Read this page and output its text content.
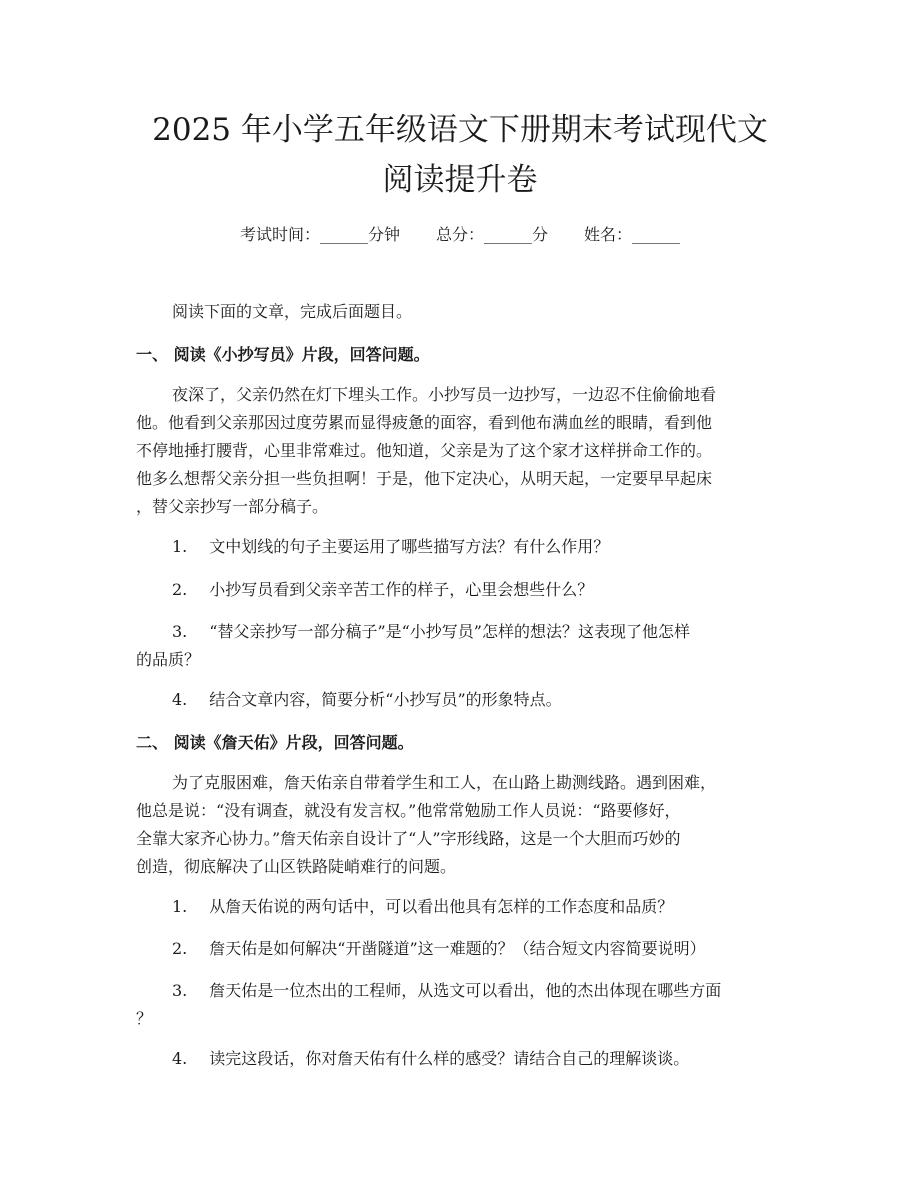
2025 年小学五年级语文下册期末考试现代文
阅读提升卷
考试时间：______分钟 总分：______分 姓名：______

阅读下面的文章，完成后面题目。

一、 阅读《小抄写员》片段，回答问题。

夜深了，父亲仍然在灯下埋头工作。小抄写员一边抄写，一边忍不住偷偷地看
他。他看到父亲那因过度劳累而显得疲惫的面容，看到他布满血丝的眼睛，看到他
不停地捶打腰背，心里非常难过。他知道，父亲是为了这个家才这样拼命工作的。
他多么想帮父亲分担一些负担啊！于是，他下定决心，从明天起，一定要早早起床
，替父亲抄写一部分稿子。
1. 文中划线的句子主要运用了哪些描写方法？有什么作用？
2. 小抄写员看到父亲辛苦工作的样子，心里会想些什么？
3. “替父亲抄写一部分稿子”是“小抄写员”怎样的想法？这表现了他怎样
的品质？
4. 结合文章内容，简要分析“小抄写员”的形象特点。

二、 阅读《詹天佑》片段，回答问题。

为了克服困难，詹天佑亲自带着学生和工人，在山路上勘测线路。遇到困难，
他总是说：“没有调查，就没有发言权。”他常常勉励工作人员说：“路要修好，
全靠大家齐心协力。”詹天佑亲自设计了“人”字形线路，这是一个大胆而巧妙的
创造，彻底解决了山区铁路陡峭难行的问题。
1. 从詹天佑说的两句话中，可以看出他具有怎样的工作态度和品质？
2. 詹天佑是如何解决“开凿隧道”这一难题的？（结合短文内容简要说明）
3. 詹天佑是一位杰出的工程师，从选文可以看出，他的杰出体现在哪些方面
？
4. 读完这段话，你对詹天佑有什么样的感受？请结合自己的理解谈谈。
